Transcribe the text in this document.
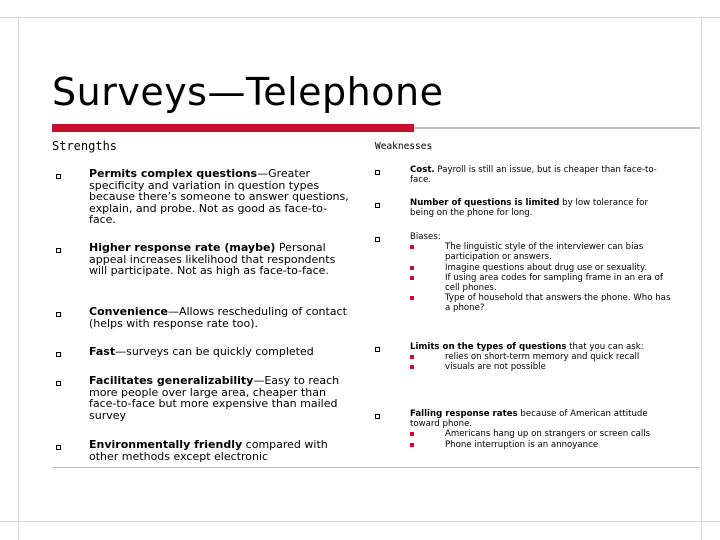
Surveys—Telephone
Strengths	Weaknesses
Permits complex questions—Greater specificity and variation in question types because there’s someone to answer questions, explain, and probe. Not as good as face-to-face.
Higher response rate (maybe) Personal appeal increases likelihood that respondents will participate. Not as high as face-to-face.
Convenience—Allows rescheduling of contact (helps with response rate too).
Fast—surveys can be quickly completed
Facilitates generalizability—Easy to reach more people over large area, cheaper than face-to-face but more expensive than mailed survey
Environmentally friendly compared with other methods except electronic
Cost. Payroll is still an issue, but is cheaper than face-to-face.
Number of questions is limited by low tolerance for being on the phone for long.
Biases:
The linguistic style of the interviewer can bias participation or answers.
Imagine questions about drug use or sexuality.
If using area codes for sampling frame in an era of cell phones.
Type of household that answers the phone. Who has a phone?
Limits on the types of questions that you can ask:
relies on short-term memory and quick recall
visuals are not possible
Falling response rates because of American attitude toward phone.
Americans hang up on strangers or screen calls
Phone interruption is an annoyance
